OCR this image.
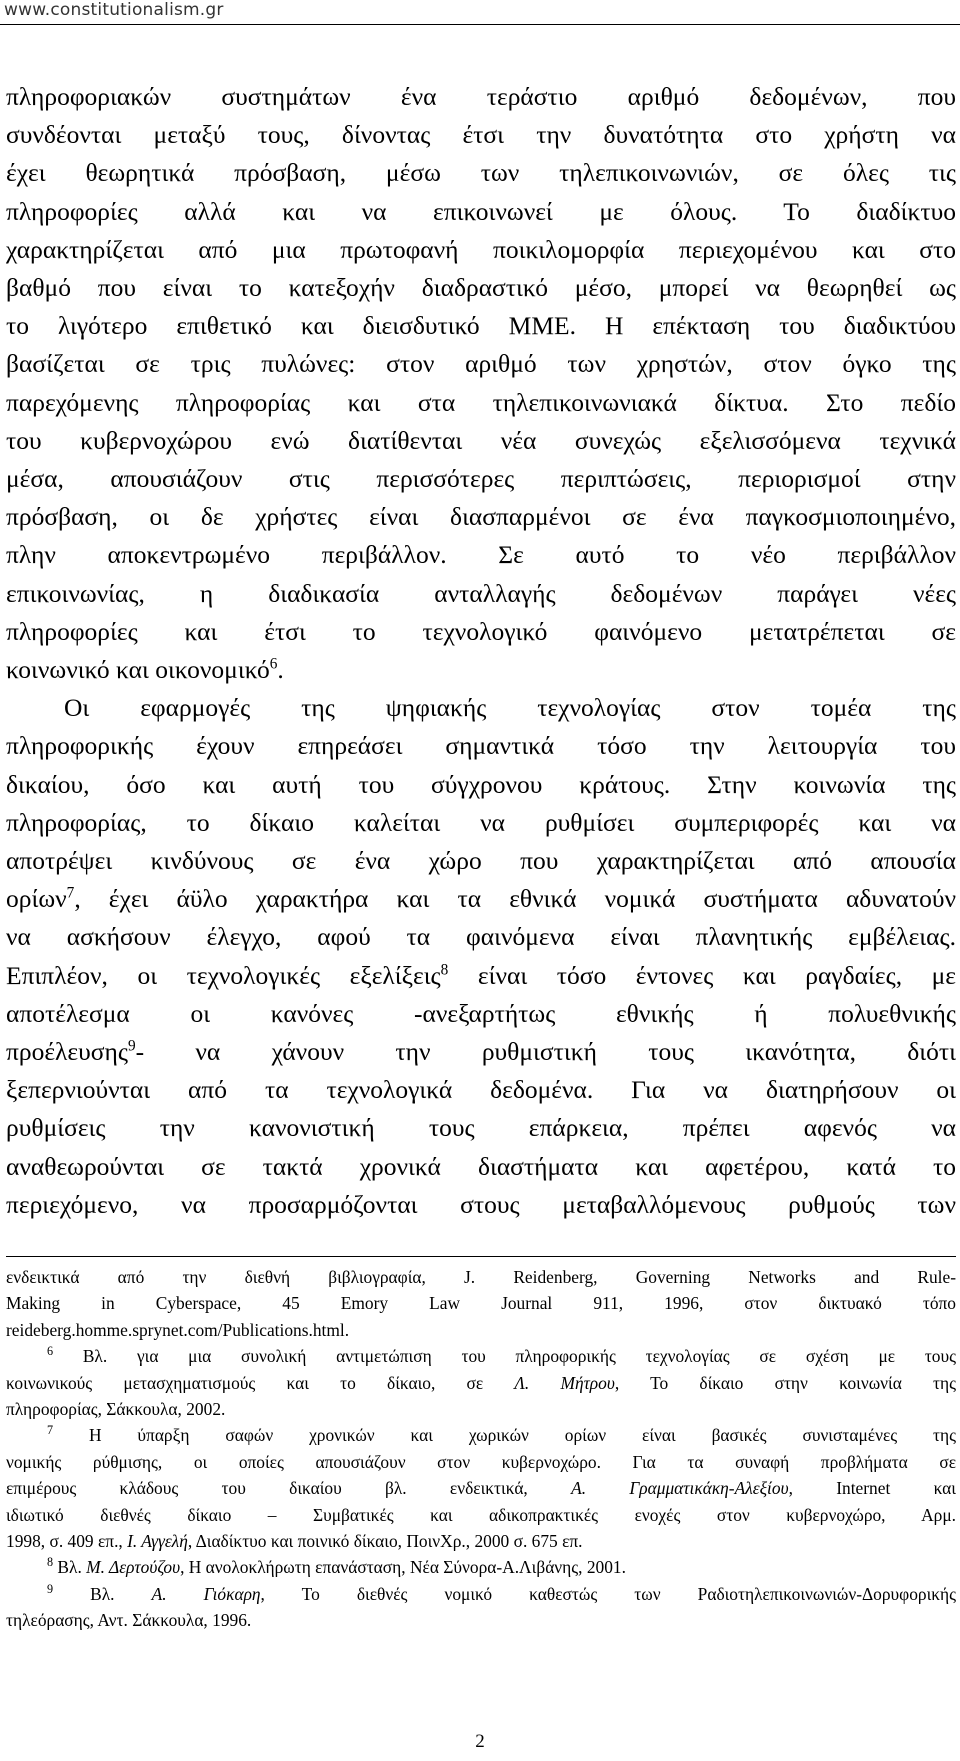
www.constitutionalism.gr

πληροφοριακών συστημάτων ένα τεράστιο αριθμό δεδομένων, που
συνδέονται μεταξύ τους, δίνοντας έτσι την δυνατότητα στο χρήστη να
έχει θεωρητικά πρόσβαση, μέσω των τηλεπικοινωνιών, σε όλες τις
πληροφορίες αλλά και να επικοινωνεί με όλους. Το διαδίκτυο
χαρακτηρίζεται από μια πρωτοφανή ποικιλομορφία περιεχομένου και στο
βαθμό που είναι το κατεξοχήν διαδραστικό μέσο, μπορεί να θεωρηθεί ως
το λιγότερο επιθετικό και διεισδυτικό ΜΜΕ. Η επέκταση του διαδικτύου
βασίζεται σε τρις πυλώνες: στον αριθμό των χρηστών, στον όγκο της
παρεχόμενης πληροφορίας και στα τηλεπικοινωνιακά δίκτυα. Στο πεδίο
του κυβερνοχώρου ενώ διατίθενται νέα συνεχώς εξελισσόμενα τεχνικά
μέσα, απουσιάζουν στις περισσότερες περιπτώσεις, περιορισμοί στην
πρόσβαση, οι δε χρήστες είναι διασπαρμένοι σε ένα παγκοσμιοποιημένο,
πλην αποκεντρωμένο περιβάλλον. Σε αυτό το νέο περιβάλλον
επικοινωνίας, η διαδικασία ανταλλαγής δεδομένων παράγει νέες
πληροφορίες και έτσι το τεχνολογικό φαινόμενο μετατρέπεται σε
κοινωνικό και οικονομικό$^6$.

Οι εφαρμογές της ψηφιακής τεχνολογίας στον τομέα της
πληροφορικής έχουν επηρεάσει σημαντικά τόσο την λειτουργία του
δικαίου, όσο και αυτή του σύγχρονου κράτους. Στην κοινωνία της
πληροφορίας, το δίκαιο καλείται να ρυθμίσει συμπεριφορές και να
αποτρέψει κινδύνους σε ένα χώρο που χαρακτηρίζεται από απουσία
ορίων$^7$, έχει άϋλο χαρακτήρα και τα εθνικά νομικά συστήματα αδυνατούν
να ασκήσουν έλεγχο, αφού τα φαινόμενα είναι πλανητικής εμβέλειας.
Επιπλέον, οι τεχνολογικές εξελίξεις$^8$ είναι τόσο έντονες και ραγδαίες, με
αποτέλεσμα οι κανόνες -ανεξαρτήτως εθνικής ή πολυεθνικής
προέλευσης$^9$- να χάνουν την ρυθμιστική τους ικανότητα, διότι
ξεπερνιούνται από τα τεχνολογικά δεδομένα. Για να διατηρήσουν οι
ρυθμίσεις την κανονιστική τους επάρκεια, πρέπει αφενός να
αναθεωρούνται σε τακτά χρονικά διαστήματα και αφετέρου, κατά το
περιεχόμενο, να προσαρμόζονται στους μεταβαλλόμενους ρυθμούς των

ενδεικτικά από την διεθνή βιβλιογραφία, J. Reidenberg, Governing Networks and Rule-
Making in Cyberspace, 45 Emory Law Journal 911, 1996, στον δικτυακό τόπο
reideberg.homme.sprynet.com/Publications.html.
$^6$ Βλ. για μια συνολική αντιμετώπιση του πληροφορικής τεχνολογίας σε σχέση με τους
κοινωνικούς μετασχηματισμούς και το δίκαιο, σε Λ. Μήτρου, Το δίκαιο στην κοινωνία της
πληροφορίας, Σάκκουλα, 2002.
$^7$ Η ύπαρξη σαφών χρονικών και χωρικών ορίων είναι βασικές συνισταμένες της
νομικής ρύθμισης, οι οποίες απουσιάζουν στον κυβερνοχώρο. Για τα συναφή προβλήματα σε
επιμέρους κλάδους του δικαίου βλ. ενδεικτικά, Α. Γραμματικάκη-Αλεξίου, Internet και
ιδιωτικό διεθνές δίκαιο – Συμβατικές και αδικοπρακτικές ενοχές στον κυβερνοχώρο, Αρμ.
1998, σ. 409 επ., Ι. Αγγελή, Διαδίκτυο και ποινικό δίκαιο, ΠοινΧρ., 2000 σ. 675 επ.
$^8$ Βλ. Μ. Δερτούζου, Η ανολοκλήρωτη επανάσταση, Νέα Σύνορα-Α.Λιβάνης, 2001.
$^9$ Βλ. Α. Γιόκαρη, Το διεθνές νομικό καθεστώς των Ραδιοτηλεπικοινωνιών-Δορυφορικής
τηλεόρασης, Αντ. Σάκκουλα, 1996.
2
